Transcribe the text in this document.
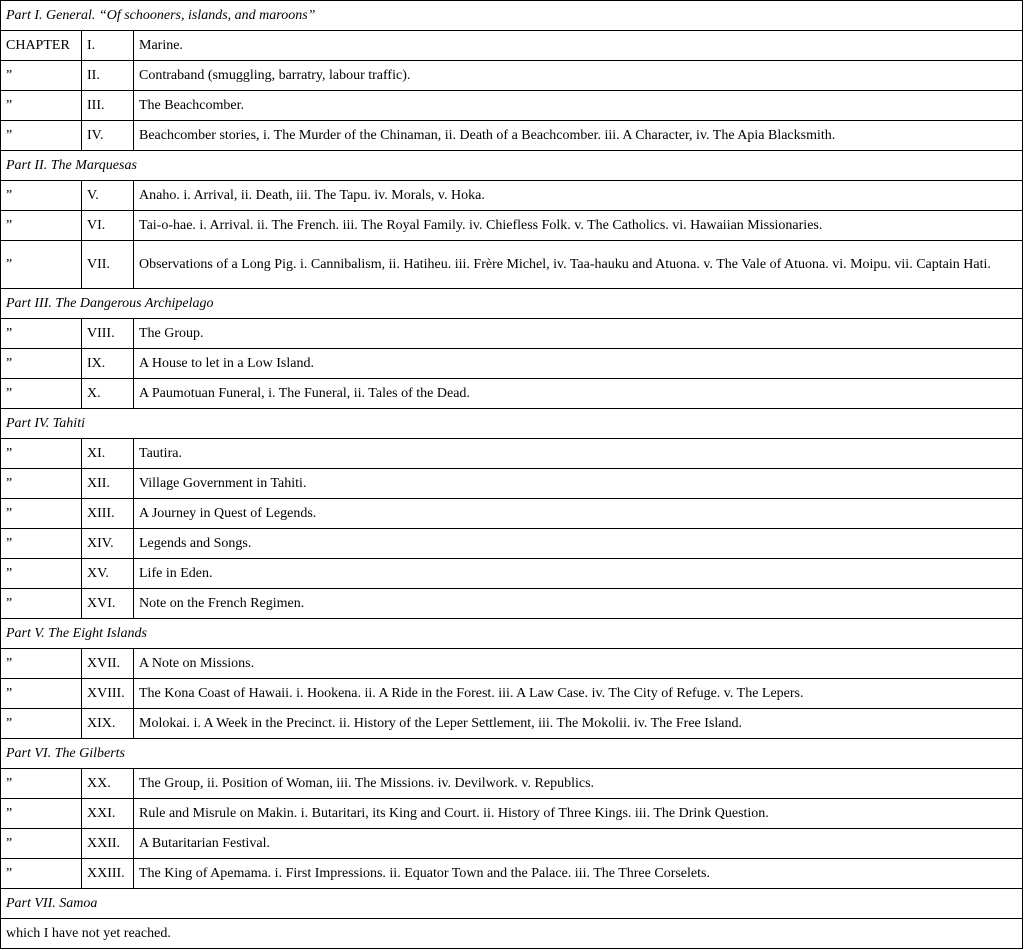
Part I. General. “Of schooners, islands, and maroons”		
CHAPTER	I.	Marine.
”	II.	Contraband (smuggling, barratry, labour traffic).
”	III.	The Beachcomber.
”	IV.	Beachcomber stories, i. The Murder of the Chinaman, ii. Death of a Beachcomber. iii. A Character, iv. The Apia Blacksmith.
Part II. The Marquesas		
”	V.	Anaho. i. Arrival, ii. Death, iii. The Tapu. iv. Morals, v. Hoka.
”	VI.	Tai-o-hae. i. Arrival. ii. The French. iii. The Royal Family. iv. Chiefless Folk. v. The Catholics. vi. Hawaiian Missionaries.
”	VII.	Observations of a Long Pig. i. Cannibalism, ii. Hatiheu. iii. Frère Michel, iv. Taa-hauku and Atuona. v. The Vale of Atuona. vi. Moipu. vii. Captain Hati.
Part III. The Dangerous Archipelago		
”	VIII.	The Group.
”	IX.	A House to let in a Low Island.
”	X.	A Paumotuan Funeral, i. The Funeral, ii. Tales of the Dead.
Part IV. Tahiti		
”	XI.	Tautira.
”	XII.	Village Government in Tahiti.
”	XIII.	A Journey in Quest of Legends.
”	XIV.	Legends and Songs.
”	XV.	Life in Eden.
”	XVI.	Note on the French Regimen.
Part V. The Eight Islands		
”	XVII.	A Note on Missions.
”	XVIII.	The Kona Coast of Hawaii. i. Hookena. ii. A Ride in the Forest. iii. A Law Case. iv. The City of Refuge. v. The Lepers.
”	XIX.	Molokai. i. A Week in the Precinct. ii. History of the Leper Settlement, iii. The Mokolii. iv. The Free Island.
Part VI. The Gilberts		
”	XX.	The Group, ii. Position of Woman, iii. The Missions. iv. Devilwork. v. Republics.
”	XXI.	Rule and Misrule on Makin. i. Butaritari, its King and Court. ii. History of Three Kings. iii. The Drink Question.
”	XXII.	A Butaritarian Festival.
”	XXIII.	The King of Apemama. i. First Impressions. ii. Equator Town and the Palace. iii. The Three Corselets.
Part VII. Samoa		
which I have not yet reached.		
